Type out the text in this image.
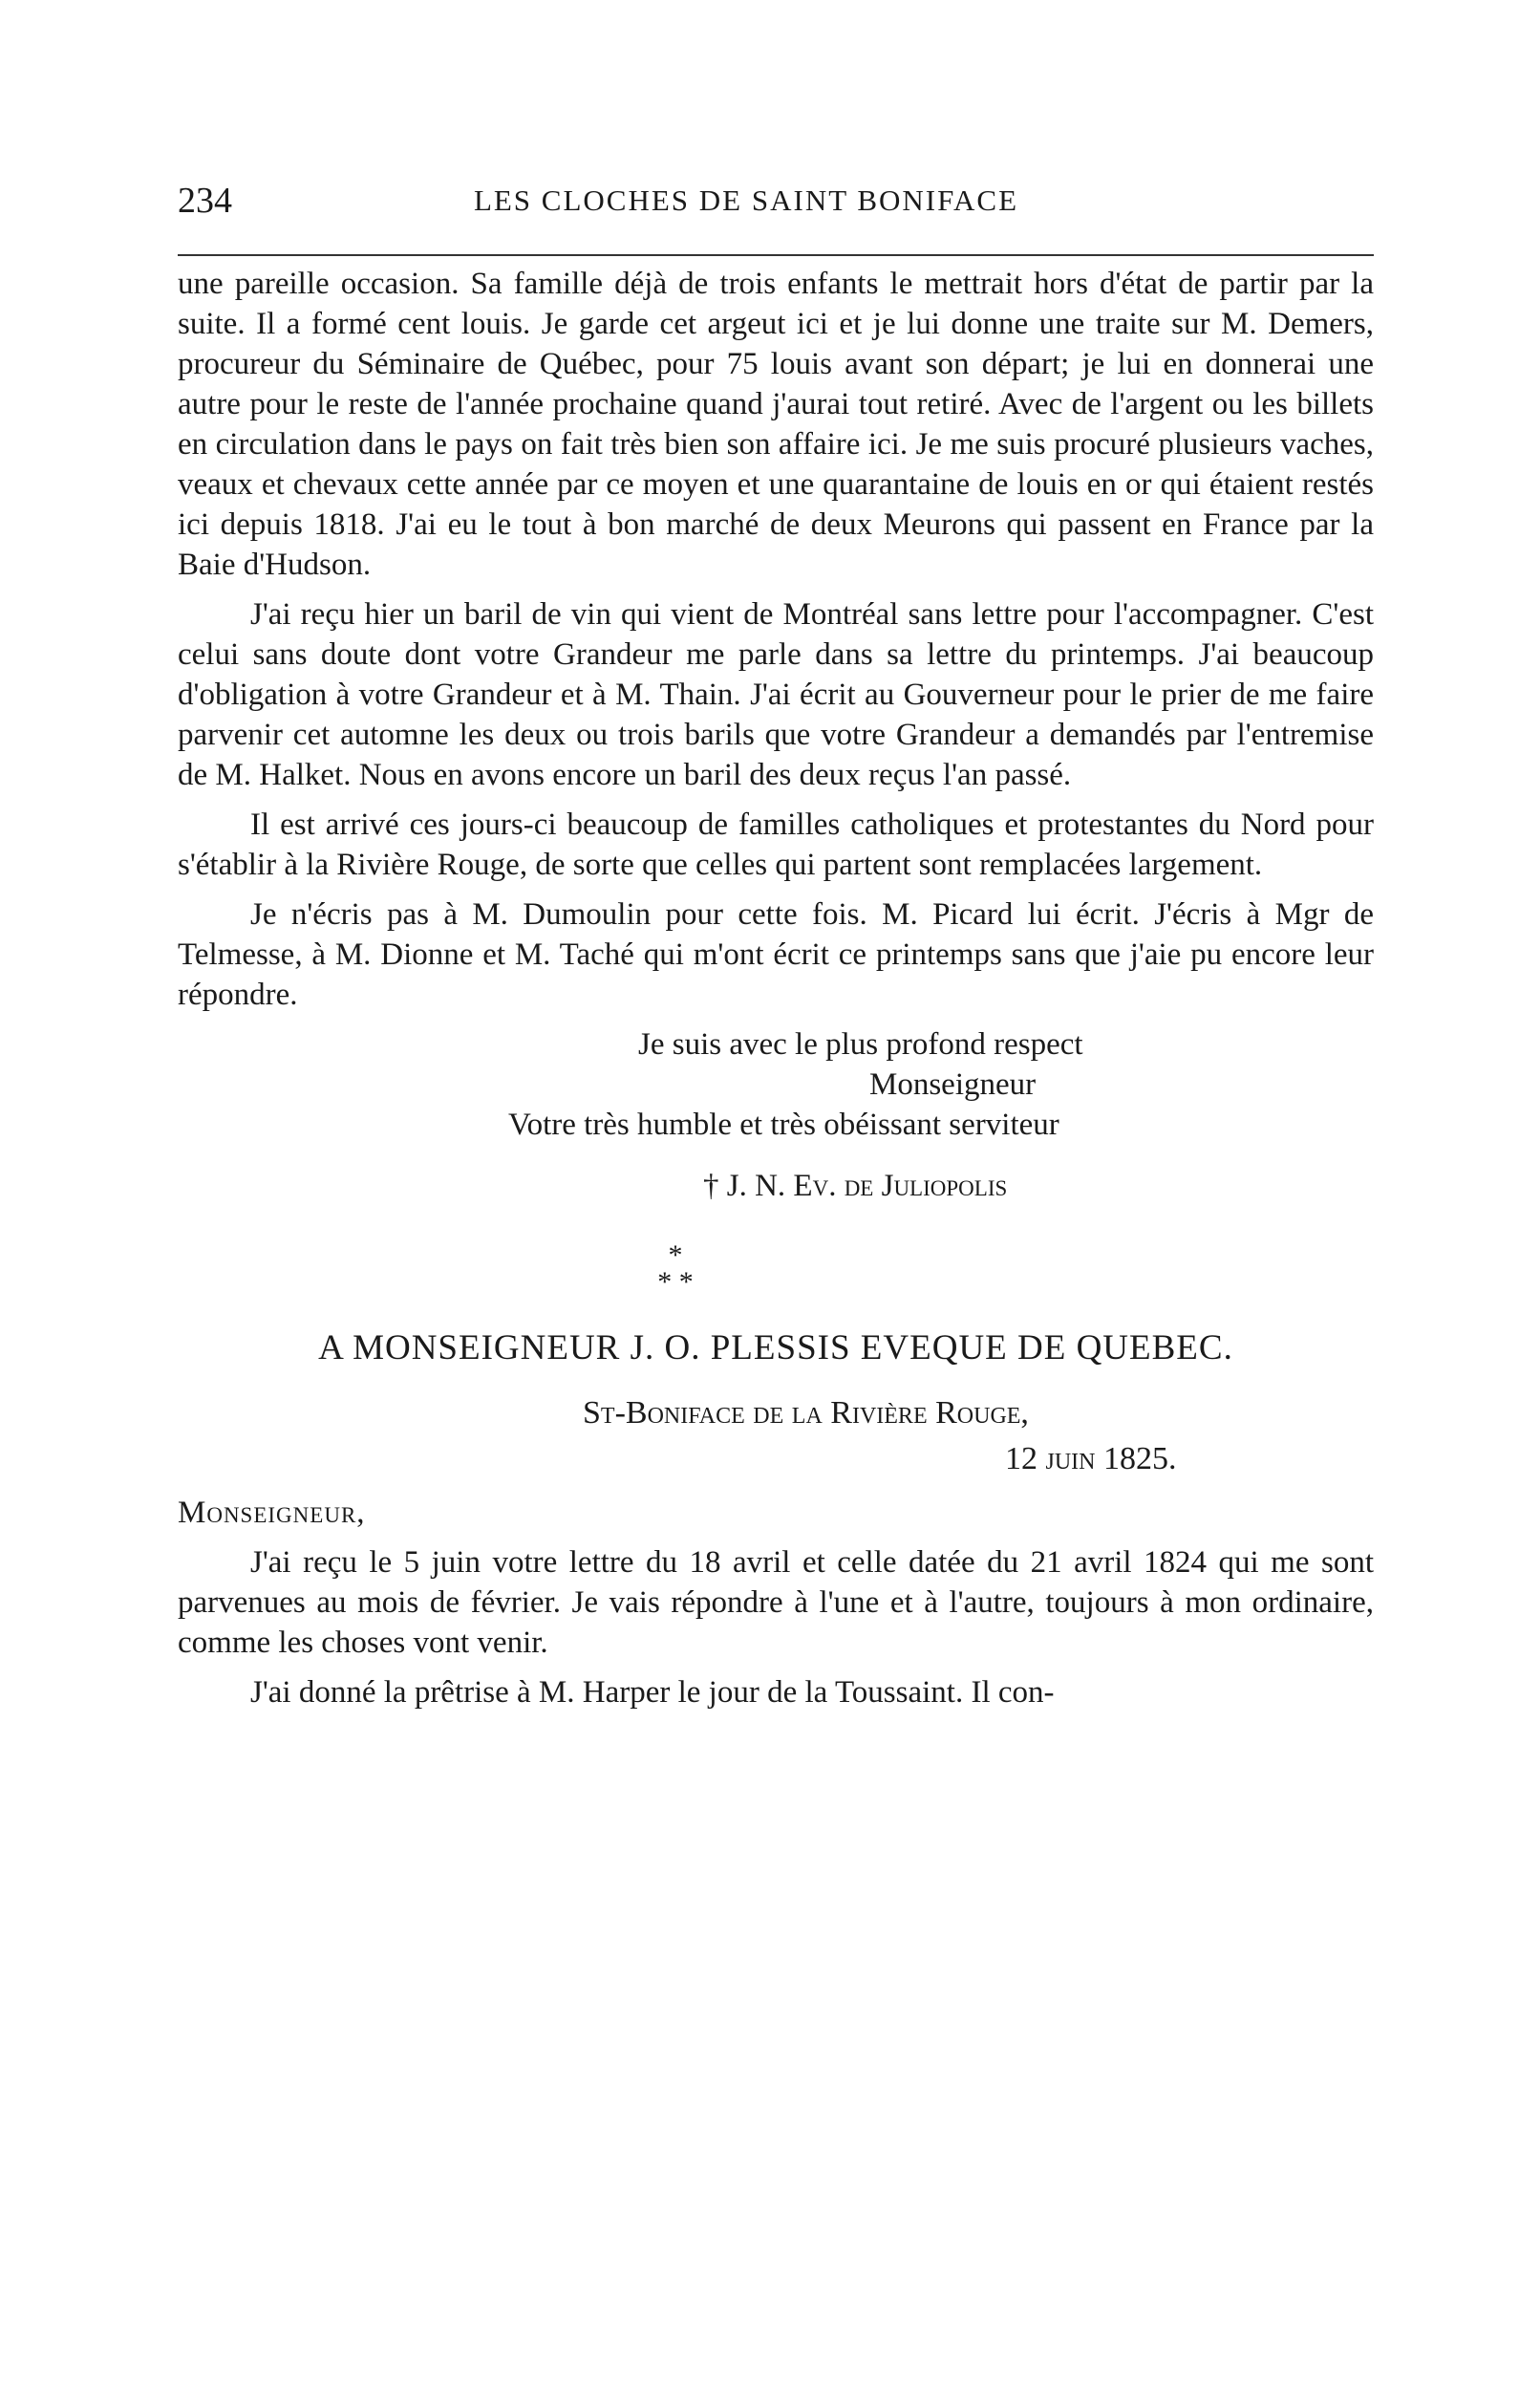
234	LES CLOCHES DE SAINT BONIFACE

une pareille occasion. Sa famille déjà de trois enfants le mettrait hors d'état de partir par la suite. Il a formé cent louis. Je garde cet argeut ici et je lui donne une traite sur M. Demers, procureur du Séminaire de Québec, pour 75 louis avant son départ; je lui en donnerai une autre pour le reste de l'année prochaine quand j'aurai tout retiré. Avec de l'argent ou les billets en circulation dans le pays on fait très bien son affaire ici. Je me suis procuré plusieurs vaches, veaux et chevaux cette année par ce moyen et une quarantaine de louis en or qui étaient restés ici depuis 1818. J'ai eu le tout à bon marché de deux Meurons qui passent en France par la Baie d'Hudson.

J'ai reçu hier un baril de vin qui vient de Montréal sans lettre pour l'accompagner. C'est celui sans doute dont votre Grandeur me parle dans sa lettre du printemps. J'ai beaucoup d'obligation à votre Grandeur et à M. Thain. J'ai écrit au Gouverneur pour le prier de me faire parvenir cet automne les deux ou trois barils que votre Grandeur a demandés par l'entremise de M. Halket. Nous en avons encore un baril des deux reçus l'an passé.

Il est arrivé ces jours-ci beaucoup de familles catholiques et protestantes du Nord pour s'établir à la Rivière Rouge, de sorte que celles qui partent sont remplacées largement.

Je n'écris pas à M. Dumoulin pour cette fois. M. Picard lui écrit. J'écris à Mgr de Telmesse, à M. Dionne et M. Taché qui m'ont écrit ce printemps sans que j'aie pu encore leur répondre.

Je suis avec le plus profond respect

Monseigneur

Votre très humble et très obéissant serviteur

† J. N. Ev. de Juliopolis

*
* *

A MONSEIGNEUR J. O. PLESSIS EVEQUE DE QUEBEC.

St-Boniface de la Rivière Rouge,

12 juin 1825.

Monseigneur,

J'ai reçu le 5 juin votre lettre du 18 avril et celle datée du 21 avril 1824 qui me sont parvenues au mois de février. Je vais répondre à l'une et à l'autre, toujours à mon ordinaire, comme les choses vont venir.

J'ai donné la prêtrise à M. Harper le jour de la Toussaint. Il con-
